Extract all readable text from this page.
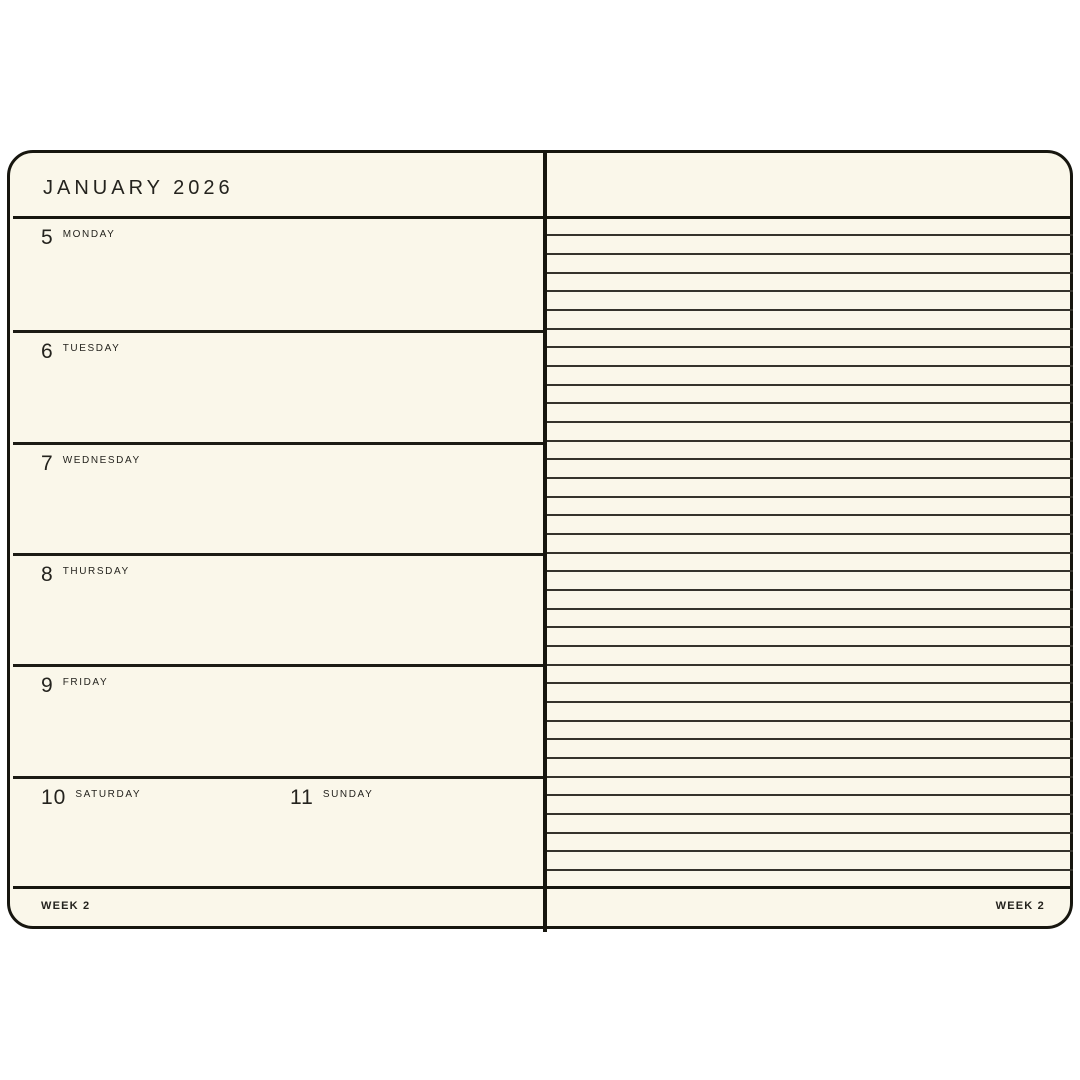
JANUARY 2026
5 MONDAY
6 TUESDAY
7 WEDNESDAY
8 THURSDAY
9 FRIDAY
10 SATURDAY	11 SUNDAY
WEEK 2	WEEK 2
